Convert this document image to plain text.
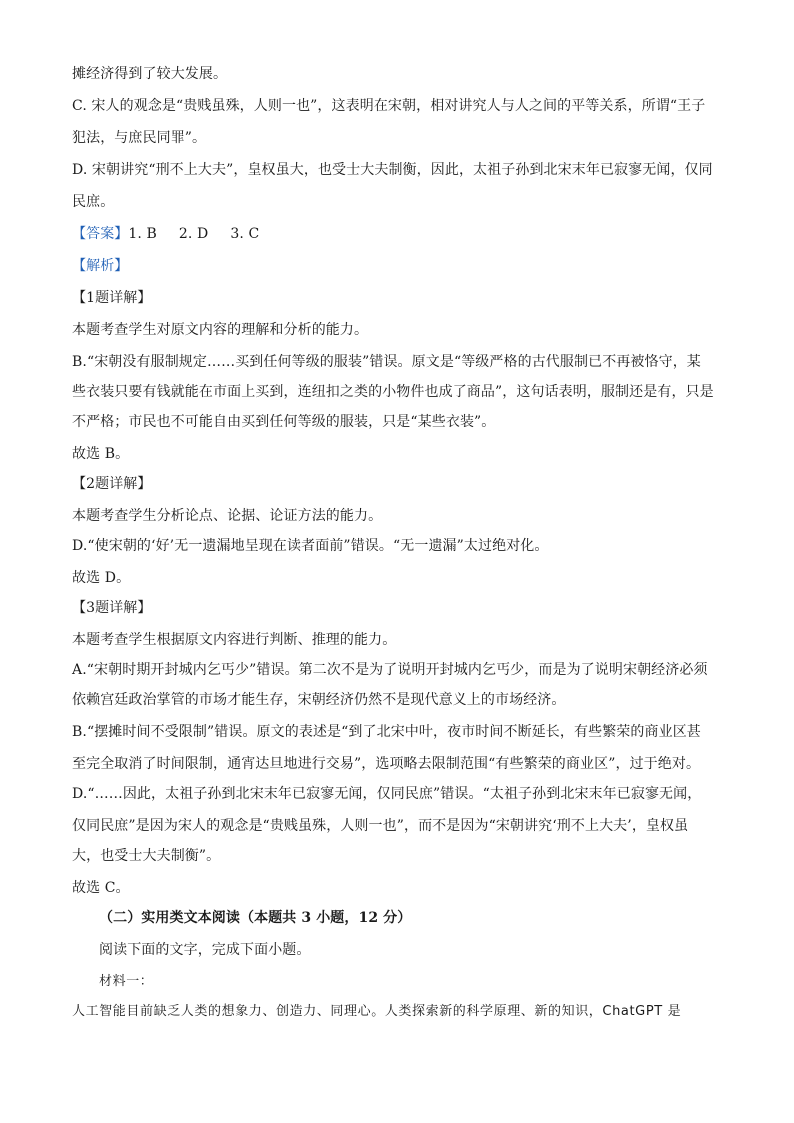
摊经济得到了较大发展。
C. 宋人的观念是“贵贱虽殊，人则一也”，这表明在宋朝，相对讲究人与人之间的平等关系，所谓“王子
犯法，与庶民同罪”。
D. 宋朝讲究“刑不上大夫”，皇权虽大，也受士大夫制衡，因此，太祖子孙到北宋末年已寂寥无闻，仅同
民庶。
【答案】1. B 2. D 3. C
【解析】
【1题详解】
本题考查学生对原文内容的理解和分析的能力。
B.“宋朝没有服制规定……买到任何等级的服装”错误。原文是“等级严格的古代服制已不再被恪守，某
些衣装只要有钱就能在市面上买到，连纽扣之类的小物件也成了商品”，这句话表明，服制还是有，只是
不严格；市民也不可能自由买到任何等级的服装，只是“某些衣装”。
故选 B。
【2题详解】
本题考查学生分析论点、论据、论证方法的能力。
D.“使宋朝的‘好’无一遗漏地呈现在读者面前”错误。“无一遗漏”太过绝对化。
故选 D。
【3题详解】
本题考查学生根据原文内容进行判断、推理的能力。
A.“宋朝时期开封城内乞丐少”错误。第二次不是为了说明开封城内乞丐少，而是为了说明宋朝经济必须
依赖宫廷政治掌管的市场才能生存，宋朝经济仍然不是现代意义上的市场经济。
B.“摆摊时间不受限制”错误。原文的表述是“到了北宋中叶，夜市时间不断延长，有些繁荣的商业区甚
至完全取消了时间限制，通宵达旦地进行交易”，选项略去限制范围“有些繁荣的商业区”，过于绝对。
D.“……因此，太祖子孙到北宋末年已寂寥无闻，仅同民庶”错误。“太祖子孙到北宋末年已寂寥无闻，
仅同民庶”是因为宋人的观念是“贵贱虽殊，人则一也”，而不是因为“宋朝讲究‘刑不上大夫’，皇权虽
大，也受士大夫制衡”。
故选 C。
（二）实用类文本阅读（本题共 3 小题，12 分）
阅读下面的文字，完成下面小题。
材料一：
人工智能目前缺乏人类的想象力、创造力、同理心。人类探索新的科学原理、新的知识，ChatGPT 是
